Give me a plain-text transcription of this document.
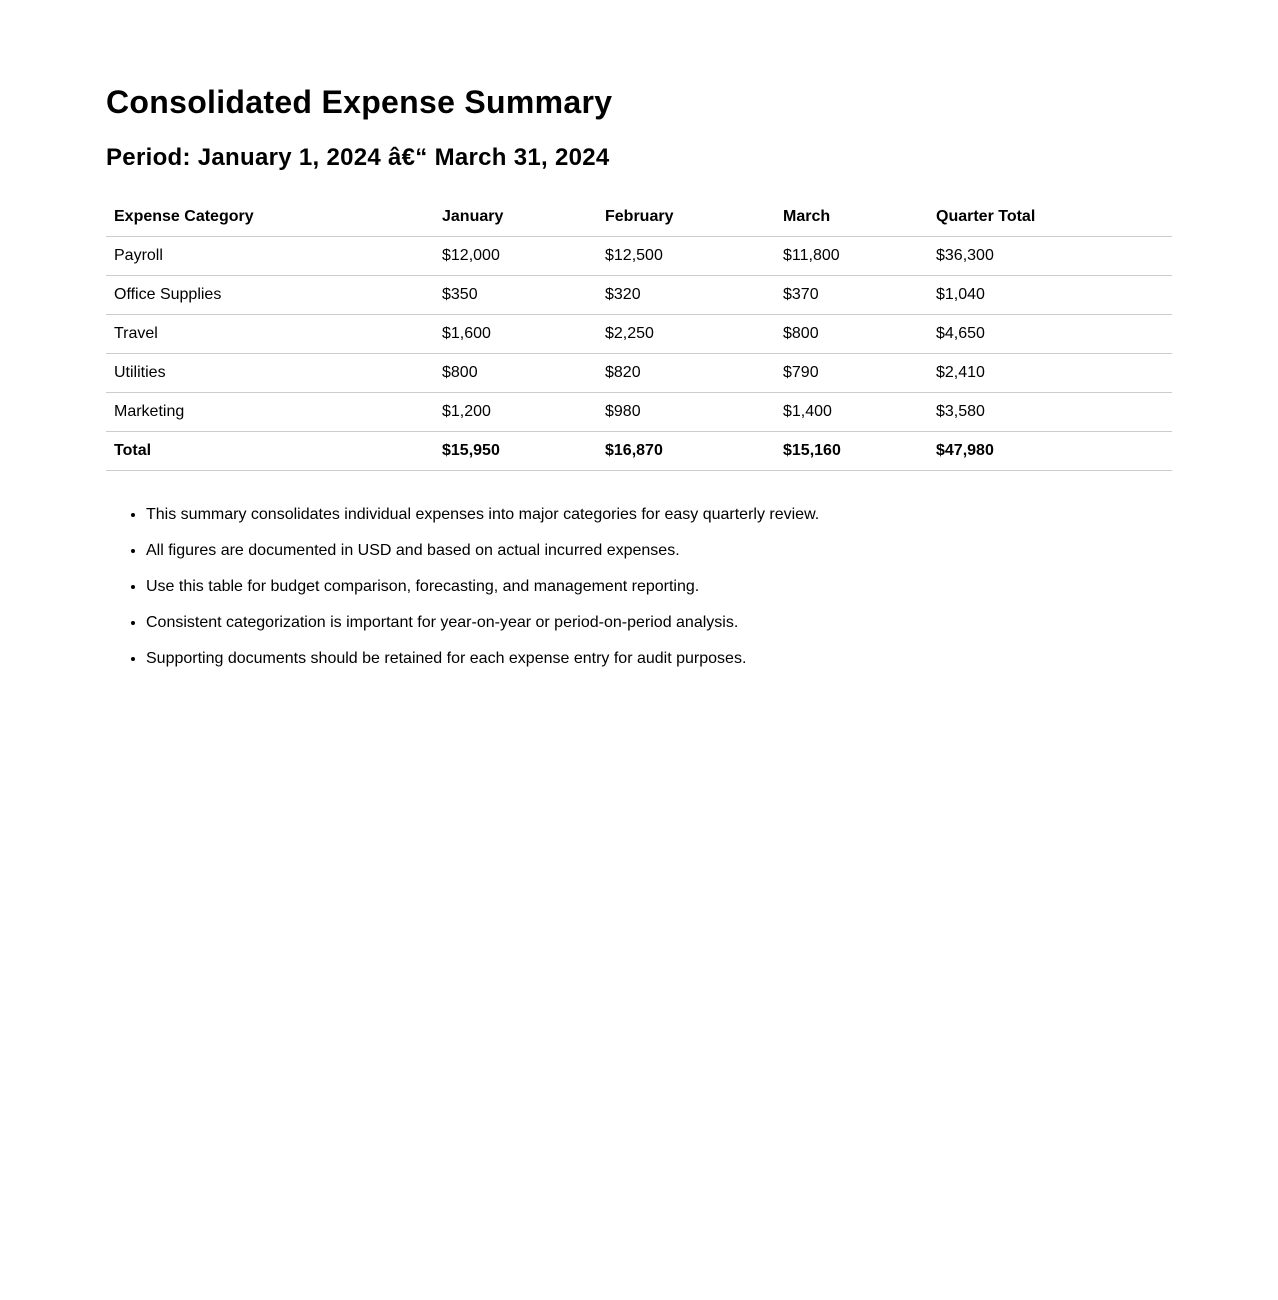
Consolidated Expense Summary
Period: January 1, 2024 â€“ March 31, 2024
Expense Category	January	February	March	Quarter Total
Payroll	$12,000	$12,500	$11,800	$36,300
Office Supplies	$350	$320	$370	$1,040
Travel	$1,600	$2,250	$800	$4,650
Utilities	$800	$820	$790	$2,410
Marketing	$1,200	$980	$1,400	$3,580
Total	$15,950	$16,870	$15,160	$47,980
• This summary consolidates individual expenses into major categories for easy quarterly review.
• All figures are documented in USD and based on actual incurred expenses.
• Use this table for budget comparison, forecasting, and management reporting.
• Consistent categorization is important for year-on-year or period-on-period analysis.
• Supporting documents should be retained for each expense entry for audit purposes.
